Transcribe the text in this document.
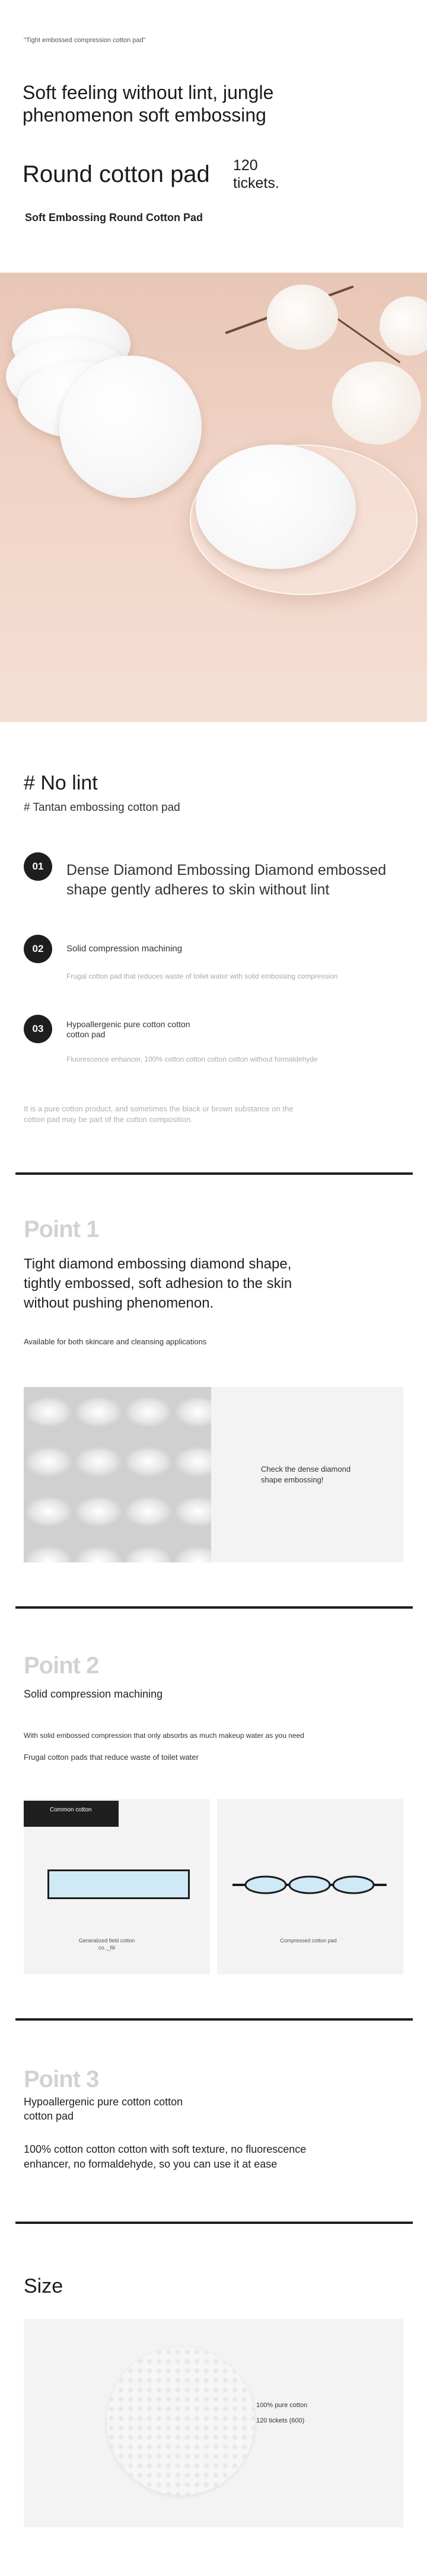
"Tight embossed compression cotton pad"
Soft feeling without lint, jungle phenomenon soft embossing
Round cotton pad 120 tickets.
Soft Embossing Round Cotton Pad
# No lint
# Tantan embossing cotton pad
01	Dense Diamond Embossing Diamond embossed shape gently adheres to skin without lint
02	Solid compression machining
Frugal cotton pad that reduces waste of toilet water with solid embossing compression
03	Hypoallergenic pure cotton cotton cotton pad
Fluorescence enhancer, 100% cotton cotton cotton cotton without formaldehyde
It is a pure cotton product, and sometimes the black or brown substance on the cotton pad may be part of the cotton composition.
Point 1
Tight diamond embossing diamond shape, tightly embossed, soft adhesion to the skin without pushing phenomenon.
Available for both skincare and cleansing applications
Check the dense diamond shape embossing!
Point 2
Solid compression machining
With solid embossed compression that only absorbs as much makeup water as you need
Frugal cotton pads that reduce waste of toilet water
Common cotton
Generalized field cotton co.._fill
Compressed cotton pad
Point 3
Hypoallergenic pure cotton cotton cotton pad
100% cotton cotton cotton with soft texture, no fluorescence enhancer, no formaldehyde, so you can use it at ease
Size
100% pure cotton
120 tickets (600)
